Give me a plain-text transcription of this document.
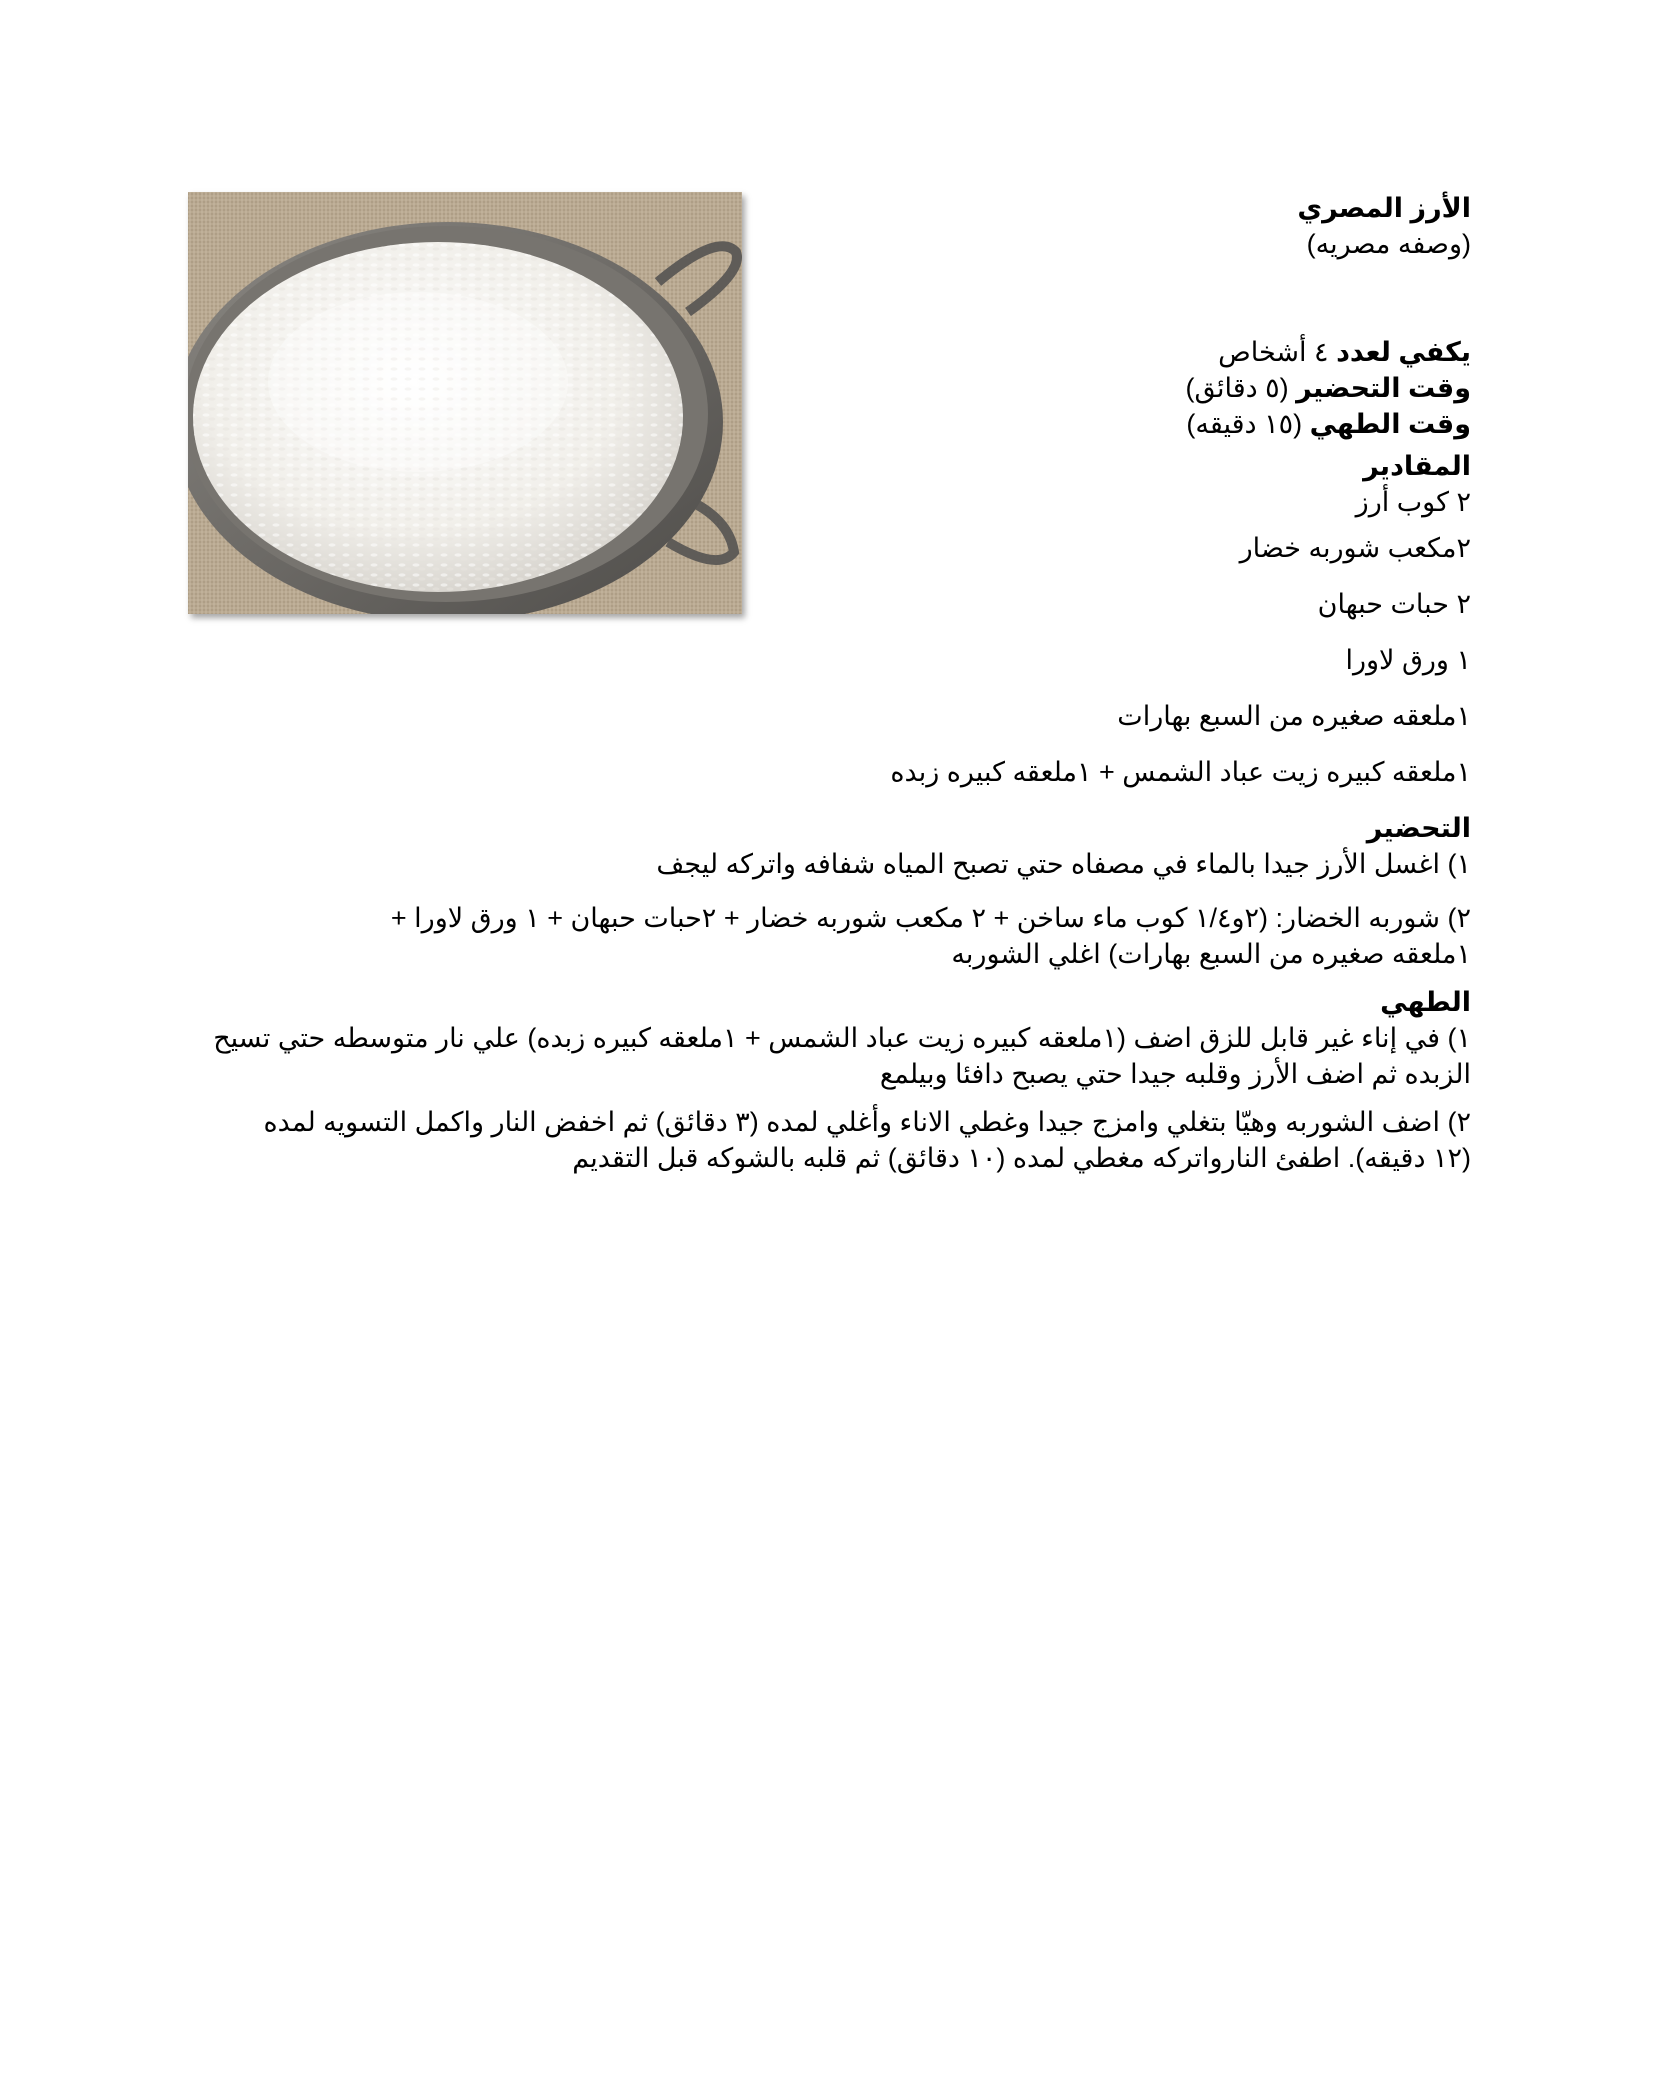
الأرز المصري
(وصفه مصريه)
يكفي لعدد ٤ أشخاص
وقت التحضير (٥ دقائق)
وقت الطهي (١٥ دقيقه)
المقادير
٢ كوب أرز
٢مكعب شوربه خضار
٢ حبات حبهان
١ ورق لاورا
١ملعقه صغيره من السبع بهارات
١ملعقه كبيره زيت عباد الشمس + ١ملعقه كبيره زبده
التحضير

١) اغسل الأرز جيدا بالماء في مصفاه حتي تصبح المياه شفافه واتركه ليجف

٢) شوربه الخضار: (٢و١/٤ كوب ماء ساخن + ٢ مكعب شوربه خضار + ٢حبات حبهان + ١ ورق لاورا + ١ملعقه صغيره من السبع بهارات) اغلي الشوربه

الطهي

١) في إناء غير قابل للزق اضف (١ملعقه كبيره زيت عباد الشمس + ١ملعقه كبيره زبده) علي نار متوسطه حتي تسيح الزبده ثم اضف الأرز وقلبه جيدا حتي يصبح دافئا وبيلمع

٢) اضف الشوربه وهيّا بتغلي وامزج جيدا وغطي الاناء وأغلي لمده (٣ دقائق) ثم اخفض النار واكمل التسويه لمده (١٢ دقيقه). اطفئ النارواتركه مغطي لمده (١٠ دقائق) ثم قلبه بالشوكه قبل التقديم
